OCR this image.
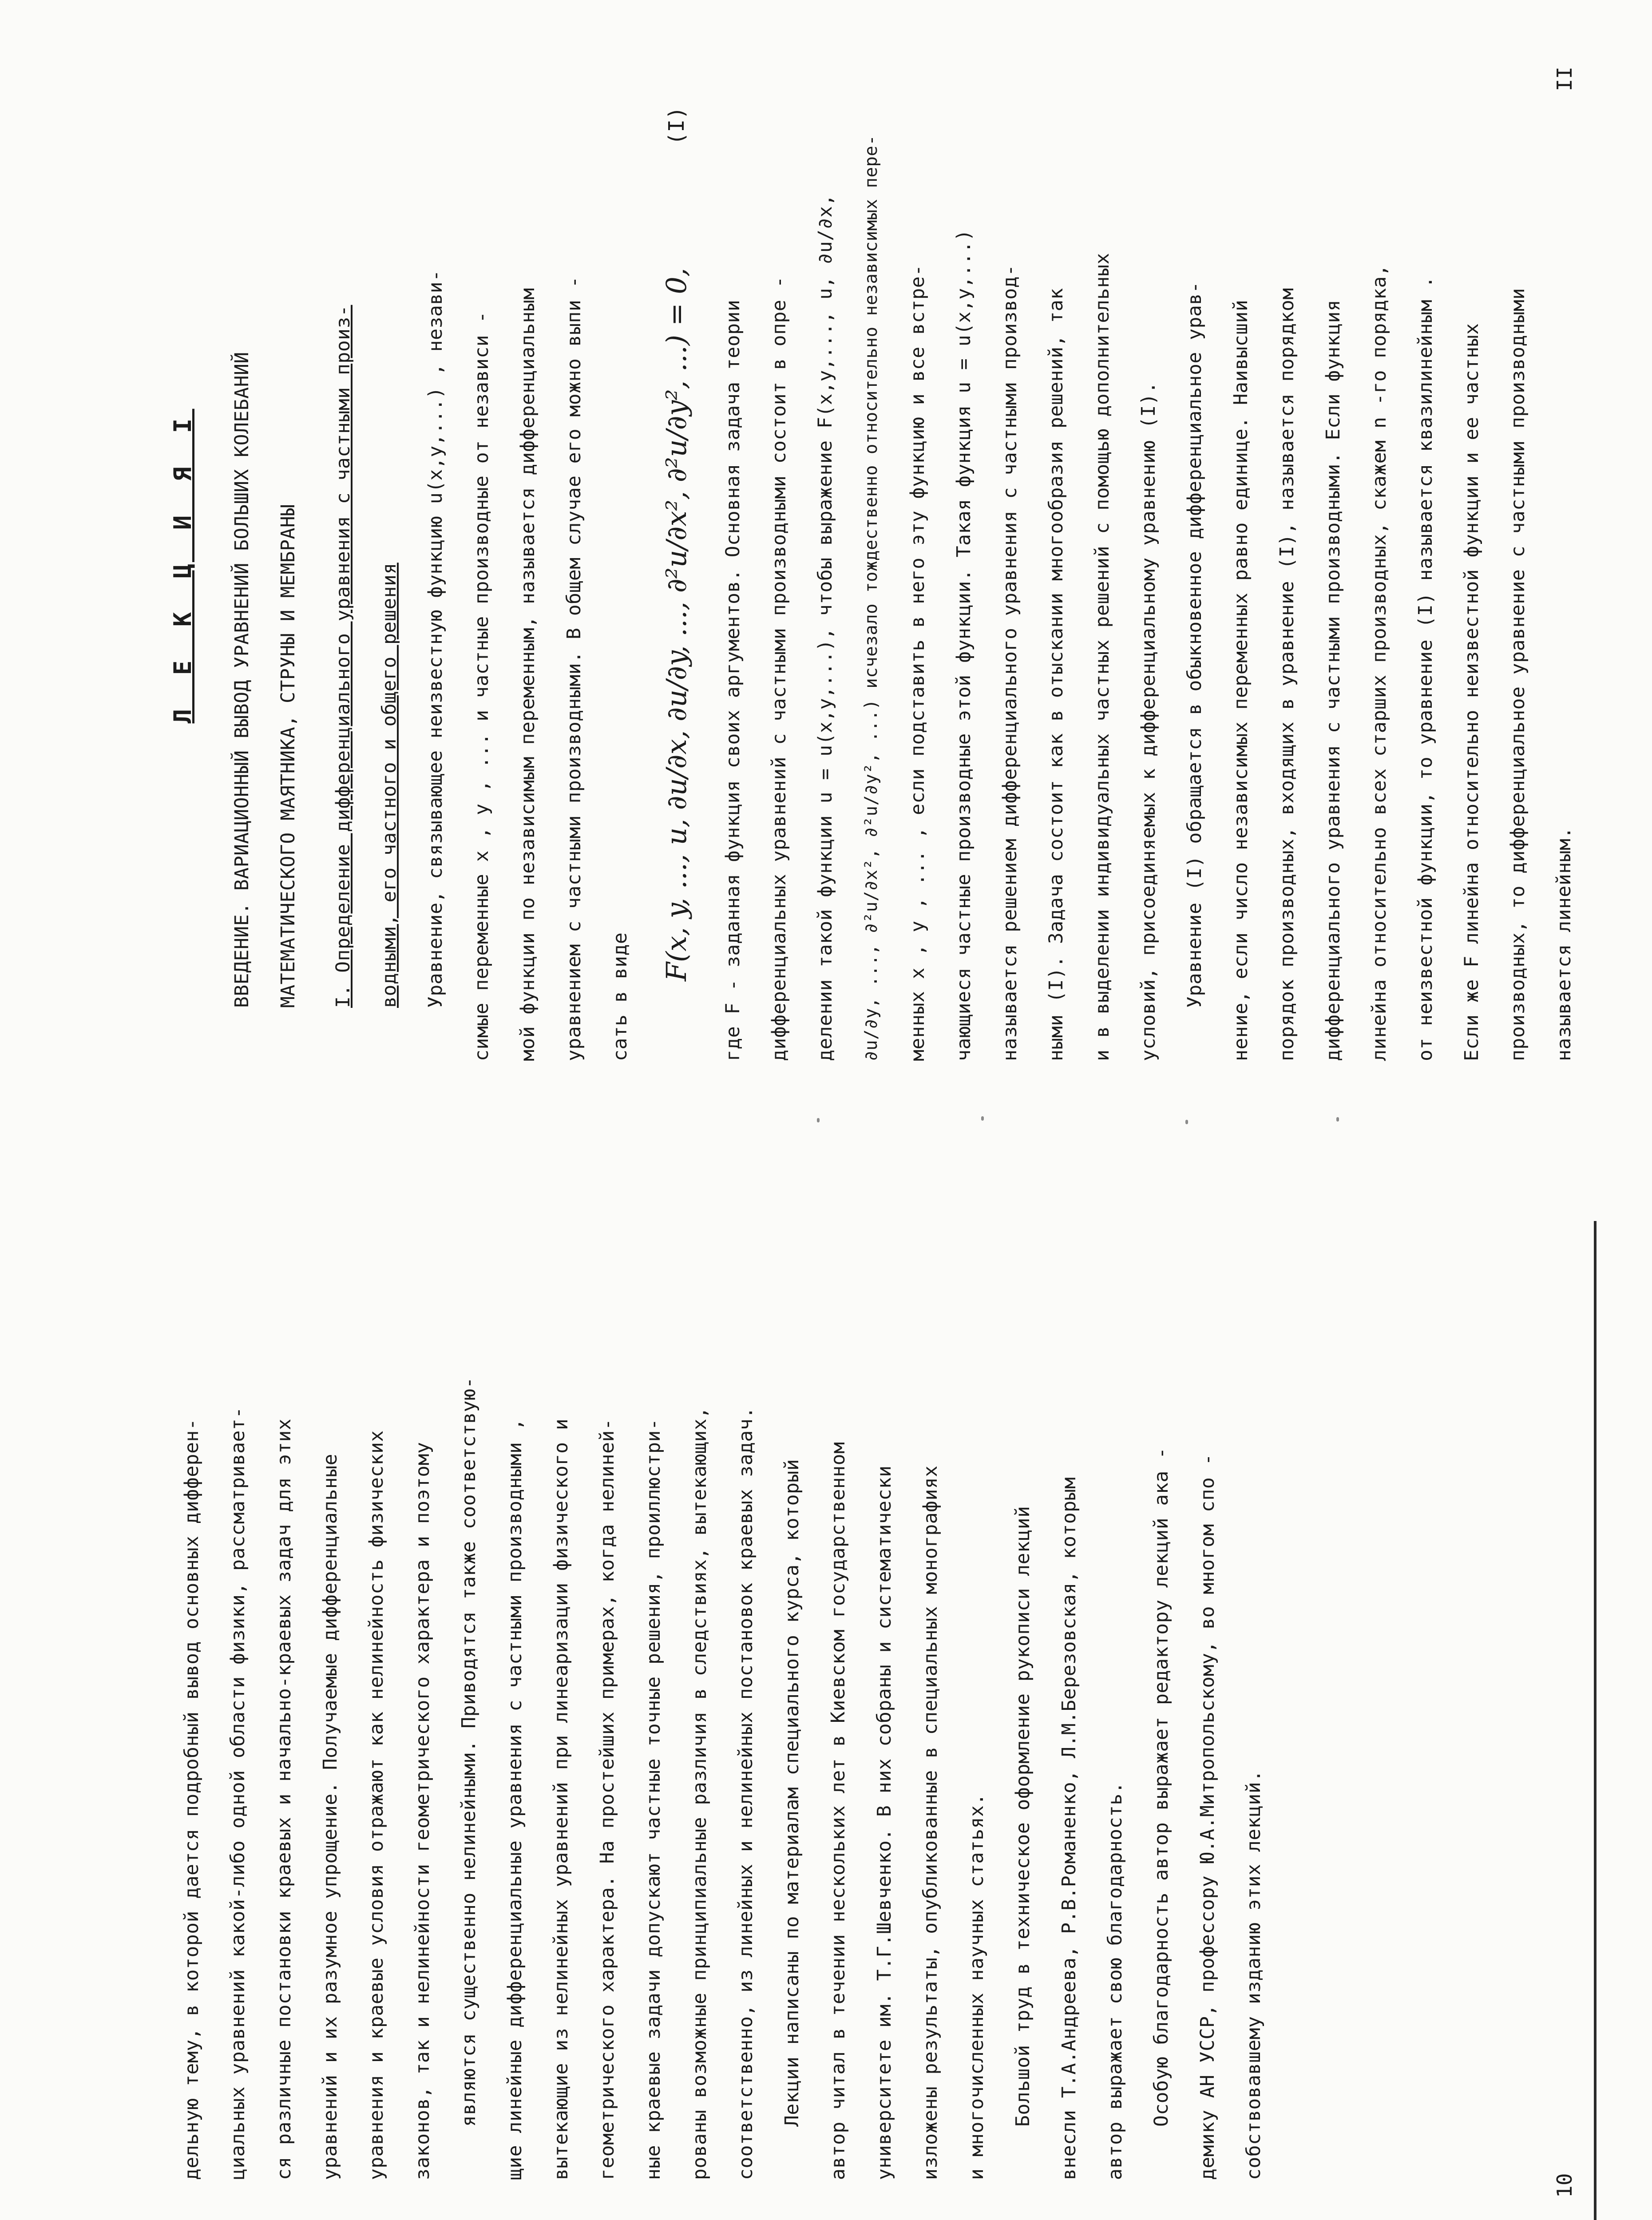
дельную тему, в которой дается подробный вывод основных дифферен-	циальных уравнений какой-либо одной области физики, рассматривает-	ся различные постановки краевых и начально-краевых задач для этих	уравнений и их разумное упрощение. Получаемые дифференциальные	уравнения и краевые условия отражают как нелинейность физических	законов, так и нелинейности геометрического характера и поэтому	являются существенно нелинейными. Приводятся также соответствую-	щие линейные дифференциальные уравнения с частными производными ,	вытекающие из нелинейных уравнений при линеаризации физического и	геометрического характера. На простейших примерах, когда нелиней-	ные краевые задачи допускают частные точные решения, проиллюстри-	рованы возможные принципиальные различия в следствиях, вытекающих,	соответственно, из линейных и нелинейных постановок краевых задач.	Лекции написаны по материалам специального курса, который	автор читал в течении нескольких лет в Киевском государственном	университете им. Т.Г.Шевченко. В них собраны и систематически	изложены результаты, опубликованные в специальных монографиях	и многочисленных научных статьях.	Большой труд в техническое оформление рукописи лекций	внесли Т.А.Андреева, Р.В.Романенко, Л.М.Березовская, которым	автор выражает свою благодарность.	Особую благодарность автор выражает редактору лекций ака -	демику АН УССР, профессору Ю.А.Митропольскому, во многом спо -	собствовавшему изданию этих лекций.

10

Л Е К Ц И Я I	ВВЕДЕНИЕ. ВАРИАЦИОННЫЙ ВЫВОД УРАВНЕНИЙ БОЛЬШИХ КОЛЕБАНИЙ	МАТЕМАТИЧЕСКОГО МАЯТНИКА, СТРУНЫ И МЕМБРАНЫ	I. Определение дифференциального уравнения с частными произ-	водными, его частного и общего решения	Уравнение, связывающее неизвестную функцию u(x,y,...) , незави-	симые переменные x , y , ... и частные производные от независи -	мой функции по независимым переменным, называется дифференциальным	уравнением с частными производными. В общем случае его можно выпи -	сать в виде

F(x, y, ..., u, ∂u/∂x, ∂u/∂y, ..., ∂²u/∂x², ∂²u/∂y², ...) = 0,
(I)

где F - заданная функция своих аргументов. Основная задача теории	дифференциальных уравнений с частными производными состоит в опре -	делении такой функции u = u(x,y,...), чтобы выражение F(x,y,..., u, ∂u/∂x,	∂u/∂y, ..., ∂²u/∂x², ∂²u/∂y², ...) исчезало тождественно относительно независимых пере-	менных x , y , ... , если подставить в него эту функцию и все встре-	чающиеся частные производные этой функции. Такая функция u = u(x,y,...)	называется решением дифференциального уравнения с частными производ-	ными (I). Задача состоит как в отыскании многообразия решений, так	и в выделении индивидуальных частных решений с помощью дополнительных	условий, присоединяемых к дифференциальному уравнению (I).	Уравнение (I) обращается в обыкновенное дифференциальное урав-	нение, если число независимых переменных равно единице. Наивысший	порядок производных, входящих в уравнение (I), называется порядком	дифференциального уравнения с частными производными. Если функция	линейна относительно всех старших производных, скажем n -го порядка,	от неизвестной функции, то уравнение (I) называется квазилинейным .	Если же F линейна относительно неизвестной функции и ее частных	производных, то дифференциальное уравнение с частными производными	называется линейным.

II
